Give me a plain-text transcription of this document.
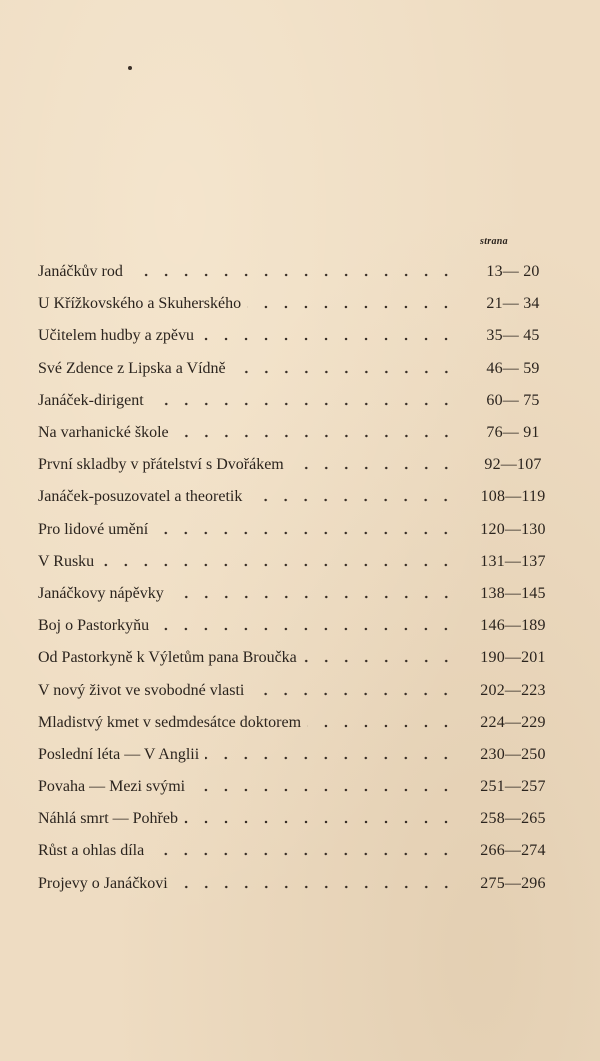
strana
Janáčkův rod	13— 20
U Křížkovského a Skuherského	21— 34
Učitelem hudby a zpěvu	35— 45
Své Zdence z Lipska a Vídně	46— 59
Janáček-dirigent	60— 75
Na varhanické škole	76— 91
První skladby v přátelství s Dvořákem	92—107
Janáček-posuzovatel a theoretik	108—119
Pro lidové umění	120—130
V Rusku	131—137
Janáčkovy nápěvky	138—145
Boj o Pastorkyňu	146—189
Od Pastorkyně k Výletům pana Broučka	190—201
V nový život ve svobodné vlasti	202—223
Mladistvý kmet v sedmdesátce doktorem	224—229
Poslední léta — V Anglii	230—250
Povaha — Mezi svými	251—257
Náhlá smrt — Pohřeb	258—265
Růst a ohlas díla	266—274
Projevy o Janáčkovi	275—296
